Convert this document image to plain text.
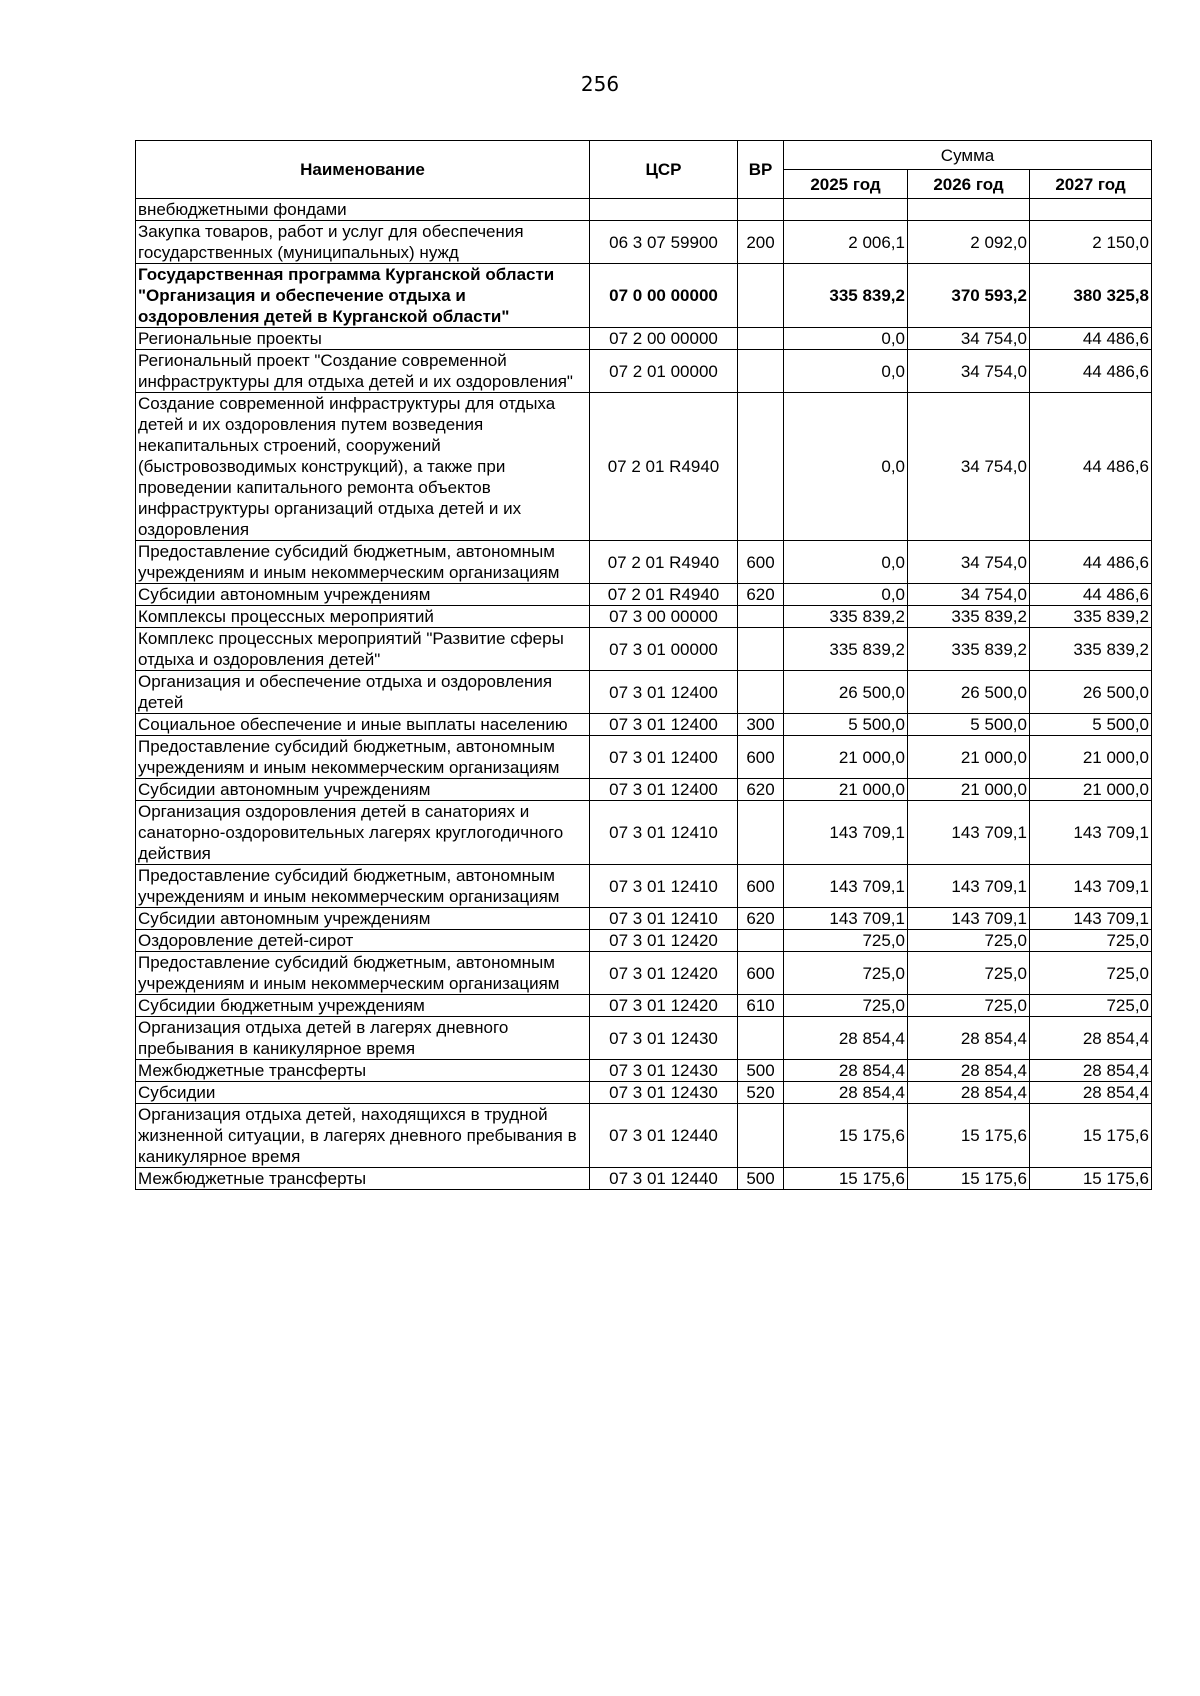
256
Наименование	ЦСР	ВР	Сумма		
			2025 год	2026 год	2027 год
внебюджетными фондами					
Закупка товаров, работ и услуг для обеспечения государственных (муниципальных) нужд	06 3 07 59900	200	2 006,1	2 092,0	2 150,0
Государственная программа Курганской области "Организация и обеспечение отдыха и оздоровления детей в Курганской области"	07 0 00 00000		335 839,2	370 593,2	380 325,8
Региональные проекты	07 2 00 00000		0,0	34 754,0	44 486,6
Региональный проект "Создание современной инфраструктуры для отдыха детей и их оздоровления"	07 2 01 00000		0,0	34 754,0	44 486,6
Создание современной инфраструктуры для отдыха детей и их оздоровления путем возведения некапитальных строений, сооружений (быстровозводимых конструкций), а также при проведении капитального ремонта объектов инфраструктуры организаций отдыха детей и их оздоровления	07 2 01 R4940		0,0	34 754,0	44 486,6
Предоставление субсидий бюджетным, автономным учреждениям и иным некоммерческим организациям	07 2 01 R4940	600	0,0	34 754,0	44 486,6
Субсидии автономным учреждениям	07 2 01 R4940	620	0,0	34 754,0	44 486,6
Комплексы процессных мероприятий	07 3 00 00000		335 839,2	335 839,2	335 839,2
Комплекс процессных мероприятий "Развитие сферы отдыха и оздоровления детей"	07 3 01 00000		335 839,2	335 839,2	335 839,2
Организация и обеспечение отдыха и оздоровления детей	07 3 01 12400		26 500,0	26 500,0	26 500,0
Социальное обеспечение и иные выплаты населению	07 3 01 12400	300	5 500,0	5 500,0	5 500,0
Предоставление субсидий бюджетным, автономным учреждениям и иным некоммерческим организациям	07 3 01 12400	600	21 000,0	21 000,0	21 000,0
Субсидии автономным учреждениям	07 3 01 12400	620	21 000,0	21 000,0	21 000,0
Организация оздоровления детей в санаториях и санаторно-оздоровительных лагерях круглогодичного действия	07 3 01 12410		143 709,1	143 709,1	143 709,1
Предоставление субсидий бюджетным, автономным учреждениям и иным некоммерческим организациям	07 3 01 12410	600	143 709,1	143 709,1	143 709,1
Субсидии автономным учреждениям	07 3 01 12410	620	143 709,1	143 709,1	143 709,1
Оздоровление детей-сирот	07 3 01 12420		725,0	725,0	725,0
Предоставление субсидий бюджетным, автономным учреждениям и иным некоммерческим организациям	07 3 01 12420	600	725,0	725,0	725,0
Субсидии бюджетным учреждениям	07 3 01 12420	610	725,0	725,0	725,0
Организация отдыха детей в лагерях дневного пребывания в каникулярное время	07 3 01 12430		28 854,4	28 854,4	28 854,4
Межбюджетные трансферты	07 3 01 12430	500	28 854,4	28 854,4	28 854,4
Субсидии	07 3 01 12430	520	28 854,4	28 854,4	28 854,4
Организация отдыха детей, находящихся в трудной жизненной ситуации, в лагерях дневного пребывания в каникулярное время	07 3 01 12440		15 175,6	15 175,6	15 175,6
Межбюджетные трансферты	07 3 01 12440	500	15 175,6	15 175,6	15 175,6
